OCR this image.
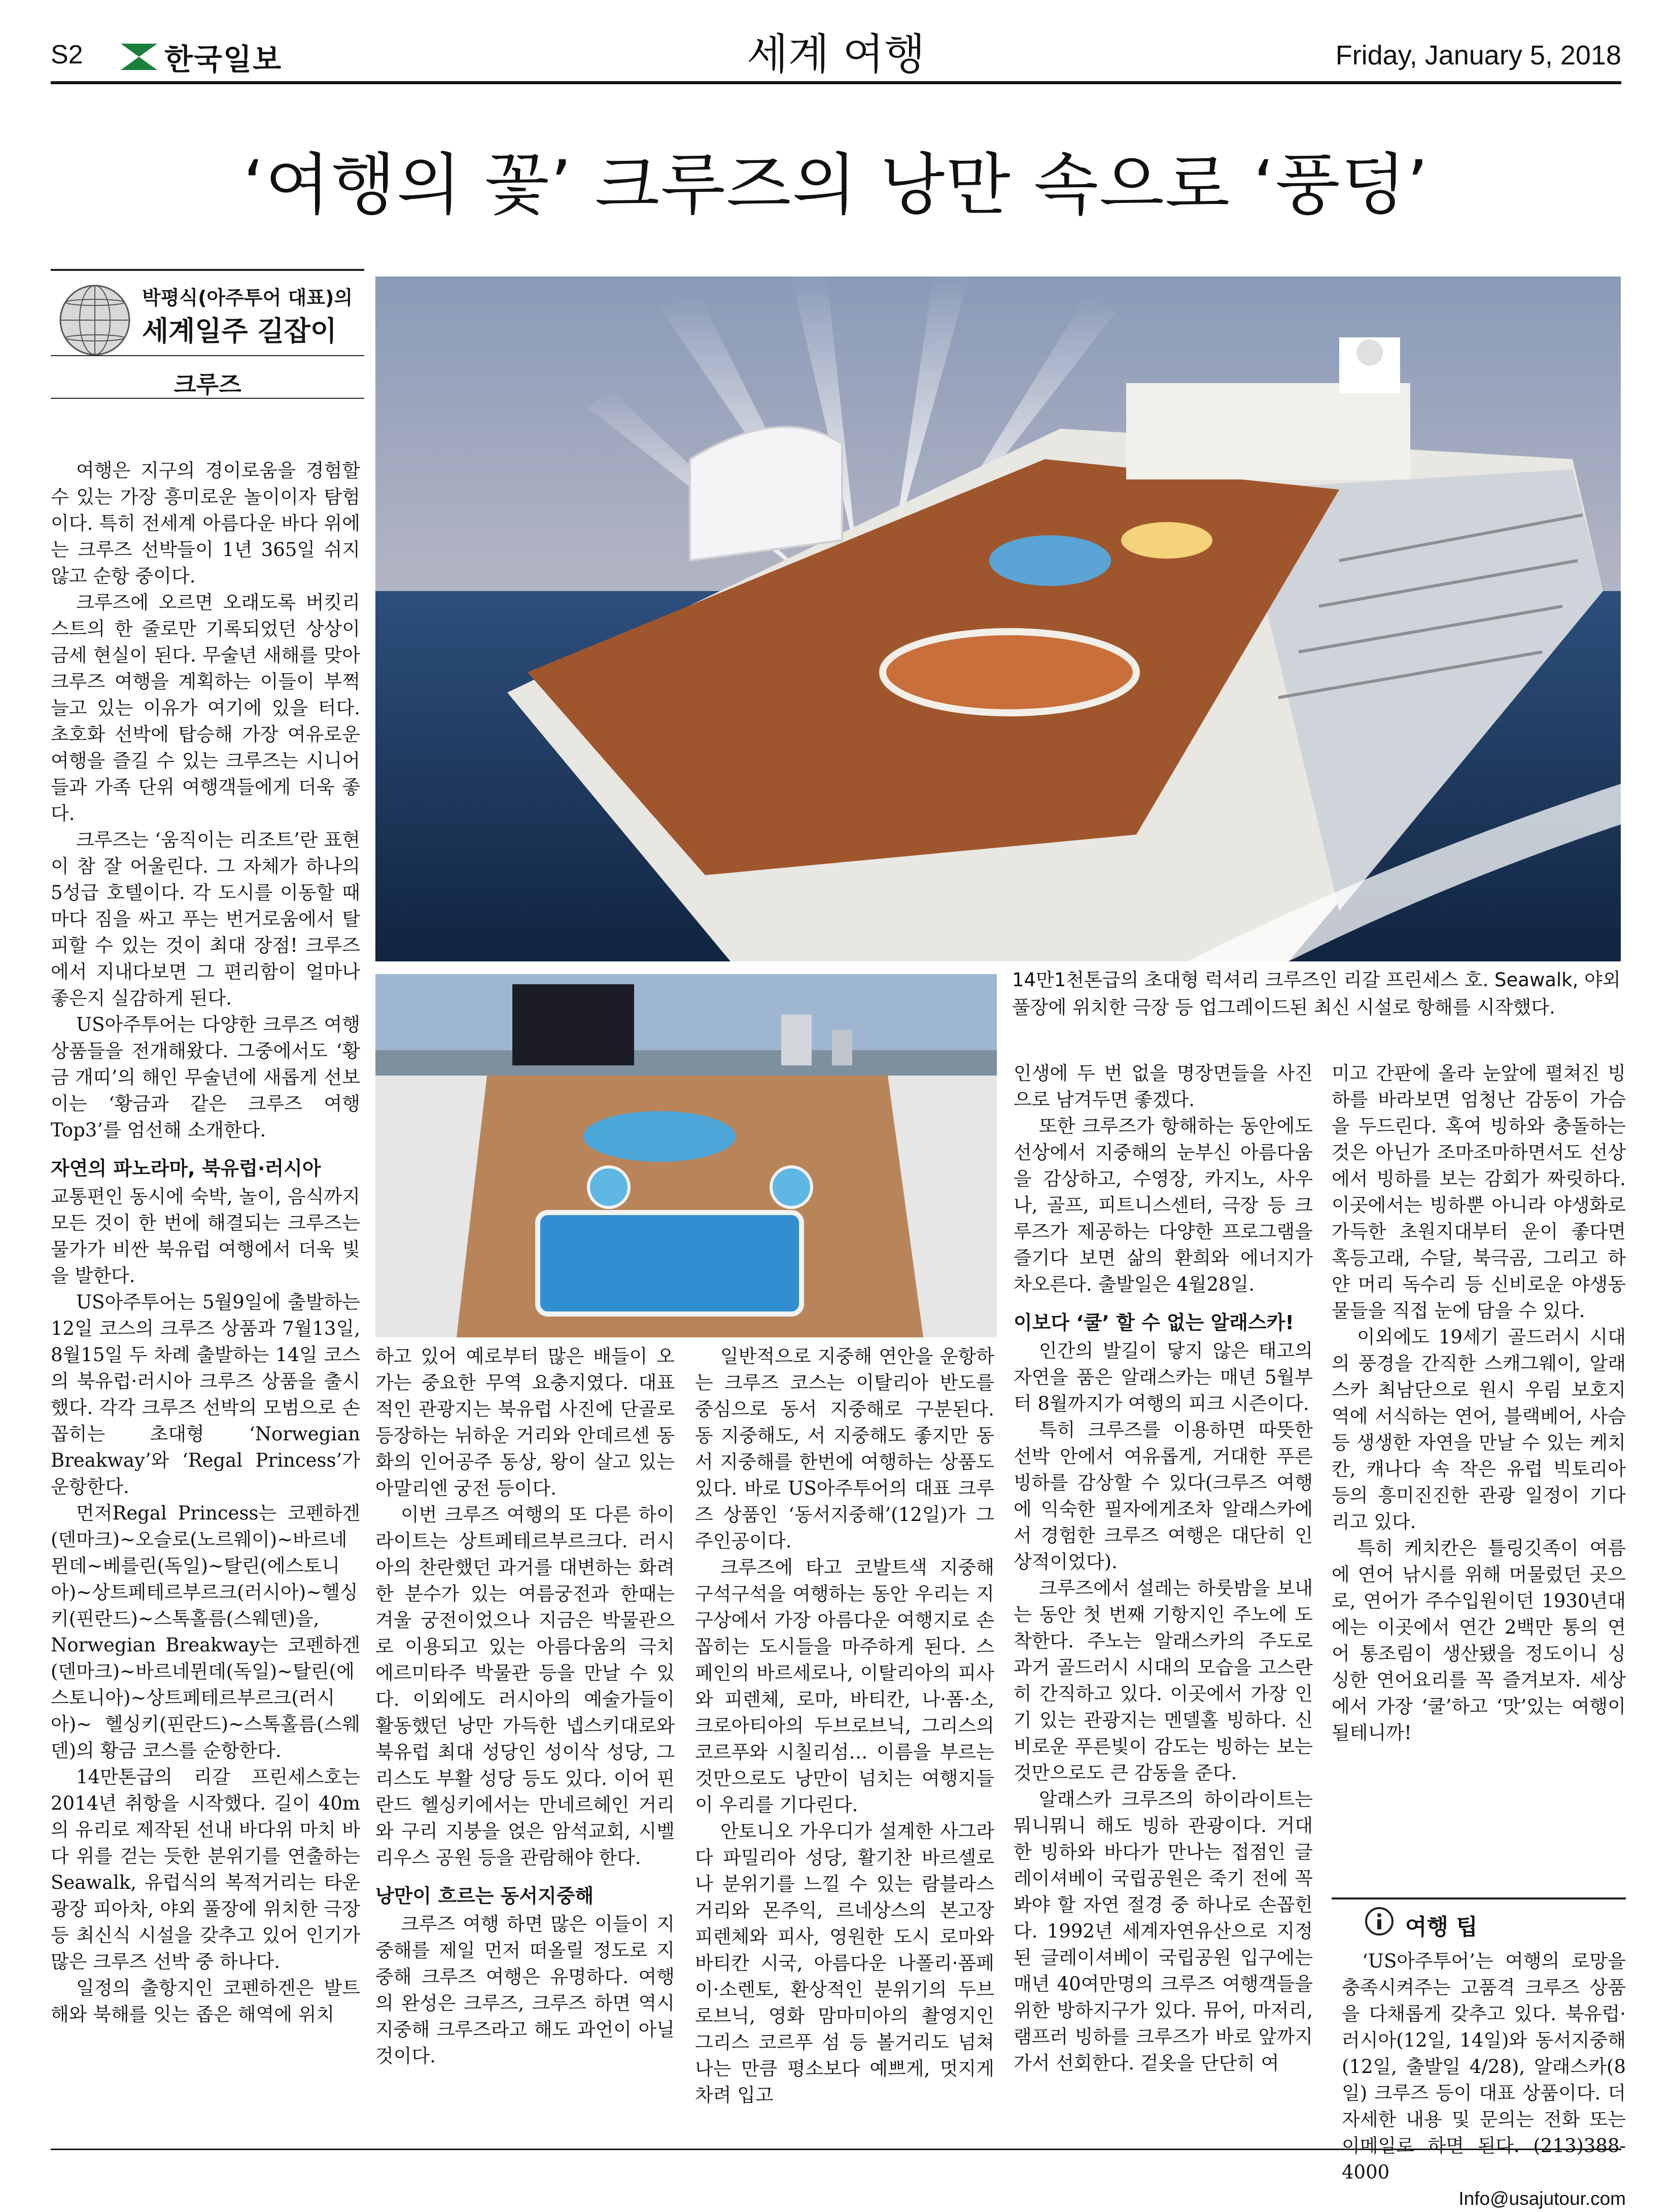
S2	한국일보	세계 여행	Friday, January 5, 2018
‘여행의 꽃’ 크루즈의 낭만 속으로 ‘풍덩’
박평식(아주투어 대표)의
세계일주 길잡이
크루즈
14만1천톤급의 초대형 럭셔리 크루즈인 리갈 프린세스 호. Seawalk, 야외 풀장에 위치한 극장 등 업그레이드된 최신 시설로 항해를 시작했다.

여행은 지구의 경이로움을 경험할 수 있는 가장 흥미로운 놀이이자 탐험이다. 특히 전세계 아름다운 바다 위에는 크루즈 선박들이 1년 365일 쉬지 않고 순항 중이다.

크루즈에 오르면 오래도록 버킷리스트의 한 줄로만 기록되었던 상상이 금세 현실이 된다. 무술년 새해를 맞아 크루즈 여행을 계획하는 이들이 부쩍 늘고 있는 이유가 여기에 있을 터다. 초호화 선박에 탑승해 가장 여유로운 여행을 즐길 수 있는 크루즈는 시니어들과 가족 단위 여행객들에게 더욱 좋다.

크루즈는 ‘움직이는 리조트’란 표현이 참 잘 어울린다. 그 자체가 하나의 5성급 호텔이다. 각 도시를 이동할 때마다 짐을 싸고 푸는 번거로움에서 탈피할 수 있는 것이 최대 장점! 크루즈에서 지내다보면 그 편리함이 얼마나 좋은지 실감하게 된다.

US아주투어는 다양한 크루즈 여행상품들을 전개해왔다. 그중에서도 ‘황금 개띠’의 해인 무술년에 새롭게 선보이는 ‘황금과 같은 크루즈 여행 Top3’를 엄선해 소개한다.

자연의 파노라마, 북유럽·러시아

교통편인 동시에 숙박, 놀이, 음식까지 모든 것이 한 번에 해결되는 크루즈는 물가가 비싼 북유럽 여행에서 더욱 빛을 발한다.

US아주투어는 5월9일에 출발하는 12일 코스의 크루즈 상품과 7월13일, 8월15일 두 차례 출발하는 14일 코스의 북유럽·러시아 크루즈 상품을 출시했다. 각각 크루즈 선박의 모범으로 손꼽히는 초대형 ‘Norwegian Breakway’와 ‘Regal Princess’가 운항한다.

먼저Regal Princess는 코펜하겐(덴마크)~오슬로(노르웨이)~바르네뮌데~베를린(독일)~탈린(에스토니아)~상트페테르부르크(러시아)~헬싱키(핀란드)~스톡홀름(스웨덴)을, Norwegian Breakway는 코펜하겐(덴마크)~바르네뮌데(독일)~탈린(에스토니아)~상트페테르부르크(러시아)~ 헬싱키(핀란드)~스톡홀름(스웨덴)의 황금 코스를 순항한다.

14만톤급의 리갈 프린세스호는2014년 취항을 시작했다. 길이 40m의 유리로 제작된 선내 바다위 마치 바다 위를 걷는 듯한 분위기를 연출하는 Seawalk, 유럽식의 복적거리는 타운 광장 피아차, 야외 풀장에 위치한 극장 등 최신식 시설을 갖추고 있어 인기가 많은 크루즈 선박 중 하나다.

일정의 출항지인 코펜하겐은 발트해와 북해를 잇는 좁은 해역에 위치

하고 있어 예로부터 많은 배들이 오가는 중요한 무역 요충지였다. 대표적인 관광지는 북유럽 사진에 단골로 등장하는 뉘하운 거리와 안데르센 동화의 인어공주 동상, 왕이 살고 있는 아말리엔 궁전 등이다.

이번 크루즈 여행의 또 다른 하이라이트는 상트페테르부르크다. 러시아의 찬란했던 과거를 대변하는 화려한 분수가 있는 여름궁전과 한때는 겨울 궁전이었으나 지금은 박물관으로 이용되고 있는 아름다움의 극치 에르미타주 박물관 등을 만날 수 있다. 이외에도 러시아의 예술가들이 활동했던 낭만 가득한 넵스키대로와 북유럽 최대 성당인 성이삭 성당, 그리스도 부활 성당 등도 있다. 이어 핀란드 헬싱키에서는 만네르헤인 거리와 구리 지붕을 얹은 암석교회, 시벨리우스 공원 등을 관람해야 한다.

낭만이 흐르는 동서지중해

크루즈 여행 하면 많은 이들이 지중해를 제일 먼저 떠올릴 정도로 지중해 크루즈 여행은 유명하다. 여행의 완성은 크루즈, 크루즈 하면 역시 지중해 크루즈라고 해도 과언이 아닐 것이다.

일반적으로 지중해 연안을 운항하는 크루즈 코스는 이탈리아 반도를 중심으로 동서 지중해로 구분된다. 동 지중해도, 서 지중해도 좋지만 동서 지중해를 한번에 여행하는 상품도 있다. 바로 US아주투어의 대표 크루즈 상품인 ‘동서지중해’(12일)가 그 주인공이다.

크루즈에 타고 코발트색 지중해 구석구석을 여행하는 동안 우리는 지구상에서 가장 아름다운 여행지로 손꼽히는 도시들을 마주하게 된다. 스페인의 바르세로나, 이탈리아의 피사와 피렌체, 로마, 바티칸, 나·폼·소, 크로아티아의 두브로브닉, 그리스의 코르푸와 시칠리섬… 이름을 부르는 것만으로도 낭만이 넘치는 여행지들이 우리를 기다린다.

안토니오 가우디가 설계한 사그라다 파밀리아 성당, 활기찬 바르셀로나 분위기를 느낄 수 있는 람블라스 거리와 몬주익, 르네상스의 본고장 피렌체와 피사, 영원한 도시 로마와 바티칸 시국, 아름다운 나폴리·폼페이·소렌토, 환상적인 분위기의 두브로브닉, 영화 맘마미아의 촬영지인 그리스 코르푸 섬 등 볼거리도 넘쳐나는 만큼 평소보다 예쁘게, 멋지게 차려 입고

인생에 두 번 없을 명장면들을 사진으로 남겨두면 좋겠다.

또한 크루즈가 항해하는 동안에도 선상에서 지중해의 눈부신 아름다움을 감상하고, 수영장, 카지노, 사우나, 골프, 피트니스센터, 극장 등 크루즈가 제공하는 다양한 프로그램을 즐기다 보면 삶의 환희와 에너지가 차오른다. 출발일은 4월28일.

이보다 ‘쿨’ 할 수 없는 알래스카!

인간의 발길이 닿지 않은 태고의 자연을 품은 알래스카는 매년 5월부터 8월까지가 여행의 피크 시즌이다.

특히 크루즈를 이용하면 따뜻한 선박 안에서 여유롭게, 거대한 푸른 빙하를 감상할 수 있다(크루즈 여행에 익숙한 필자에게조차 알래스카에서 경험한 크루즈 여행은 대단히 인상적이었다).

크루즈에서 설레는 하룻밤을 보내는 동안 첫 번째 기항지인 주노에 도착한다. 주노는 알래스카의 주도로 과거 골드러시 시대의 모습을 고스란히 간직하고 있다. 이곳에서 가장 인기 있는 관광지는 멘델홀 빙하다. 신비로운 푸른빛이 감도는 빙하는 보는 것만으로도 큰 감동을 준다.

알래스카 크루즈의 하이라이트는 뭐니뭐니 해도 빙하 관광이다. 거대한 빙하와 바다가 만나는 접점인 글레이셔베이 국립공원은 죽기 전에 꼭 봐야 할 자연 절경 중 하나로 손꼽힌다. 1992년 세계자연유산으로 지정된 글레이셔베이 국립공원 입구에는 매년 40여만명의 크루즈 여행객들을 위한 방하지구가 있다. 뮤어, 마저리, 램프러 빙하를 크루즈가 바로 앞까지 가서 선회한다. 겉옷을 단단히 여

미고 간판에 올라 눈앞에 펼쳐진 빙하를 바라보면 엄청난 감동이 가슴을 두드린다. 혹여 빙하와 충돌하는 것은 아닌가 조마조마하면서도 선상에서 빙하를 보는 감회가 짜릿하다. 이곳에서는 빙하뿐 아니라 야생화로 가득한 초원지대부터 운이 좋다면 혹등고래, 수달, 북극곰, 그리고 하얀 머리 독수리 등 신비로운 야생동물들을 직접 눈에 담을 수 있다.

이외에도 19세기 골드러시 시대의 풍경을 간직한 스캐그웨이, 알래스카 최남단으로 원시 우림 보호지역에 서식하는 연어, 블랙베어, 사슴 등 생생한 자연을 만날 수 있는 케치칸, 캐나다 속 작은 유럽 빅토리아 등의 흥미진진한 관광 일정이 기다리고 있다.

특히 케치칸은 틀링깃족이 여름에 연어 낚시를 위해 머물렀던 곳으로, 연어가 주수입원이던 1930년대에는 이곳에서 연간 2백만 통의 연어 통조림이 생산됐을 정도이니 싱싱한 연어요리를 꼭 즐겨보자. 세상에서 가장 ‘쿨’하고 ‘맛’있는 여행이 될테니까!

여행 팁

‘US아주투어’는 여행의 로망을 충족시켜주는 고품격 크루즈 상품을 다채롭게 갖추고 있다. 북유럽·러시아(12일, 14일)와 동서지중해(12일, 출발일 4/28), 알래스카(8일) 크루즈 등이 대표 상품이다. 더 자세한 내용 및 문의는 전화 또는 이메일로 하면 된다. (213)388-4000

Info@usajutour.com
